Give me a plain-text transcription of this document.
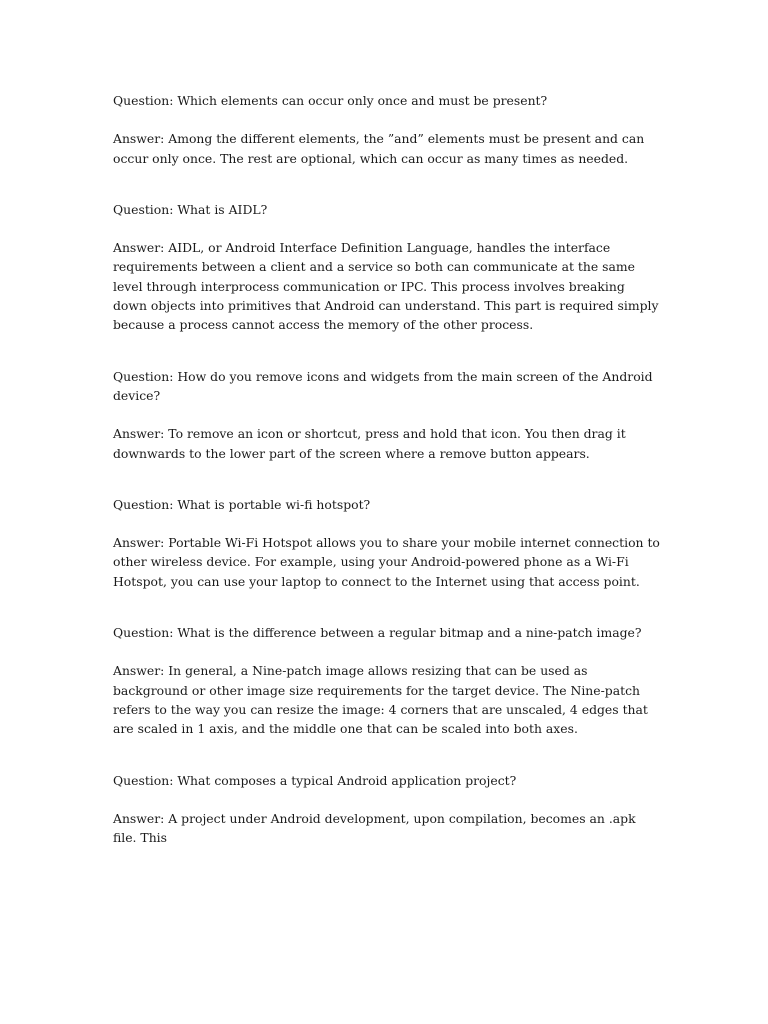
Question: Which elements can occur only once and must be present?

Answer: Among the different elements, the ”and” elements must be present and can occur only once. The rest are optional, which can occur as many times as needed.

Question: What is AIDL?

Answer: AIDL, or Android Interface Definition Language, handles the interface requirements between a client and a service so both can communicate at the same level through interprocess communication or IPC. This process involves breaking down objects into primitives that Android can understand. This part is required simply because a process cannot access the memory of the other process.

Question: How do you remove icons and widgets from the main screen of the Android device?

Answer: To remove an icon or shortcut, press and hold that icon. You then drag it downwards to the lower part of the screen where a remove button appears.

Question: What is portable wi-fi hotspot?

Answer: Portable Wi-Fi Hotspot allows you to share your mobile internet connection to other wireless device. For example, using your Android-powered phone as a Wi-Fi Hotspot, you can use your laptop to connect to the Internet using that access point.

Question: What is the difference between a regular bitmap and a nine-patch image?

Answer: In general, a Nine-patch image allows resizing that can be used as background or other image size requirements for the target device. The Nine-patch refers to the way you can resize the image: 4 corners that are unscaled, 4 edges that are scaled in 1 axis, and the middle one that can be scaled into both axes.

Question: What composes a typical Android application project?

Answer: A project under Android development, upon compilation, becomes an .apk file. This
